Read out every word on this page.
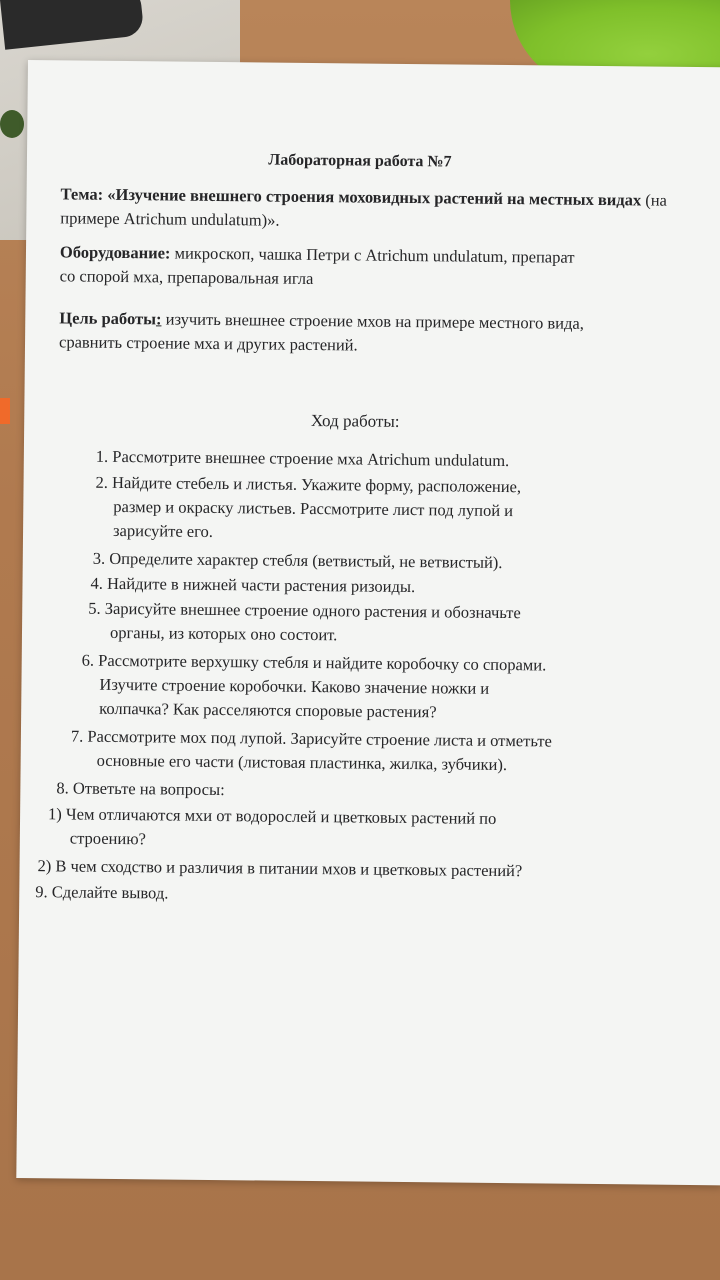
Лабораторная работа №7
Тема: «Изучение внешнего строения моховидных растений на местных видах (на примере Atrichum undulatum)».
Оборудование: микроскоп, чашка Петри с Atrichum undulatum, препарат
со спорой мха, препаровальная игла
Цель работы: изучить внешнее строение мхов на примере местного вида,
сравнить строение мха и других растений.
Ход работы:
1. Рассмотрите внешнее строение мха Atrichum undulatum.
2. Найдите стебель и листья. Укажите форму, расположение,
размер и окраску листьев. Рассмотрите лист под лупой и
зарисуйте его.
3. Определите характер стебля (ветвистый, не ветвистый).
4. Найдите в нижней части растения ризоиды.
5. Зарисуйте внешнее строение одного растения и обозначьте
органы, из которых оно состоит.
6. Рассмотрите верхушку стебля и найдите коробочку со спорами.
Изучите строение коробочки. Каково значение ножки и
колпачка? Как расселяются споровые растения?
7. Рассмотрите мох под лупой. Зарисуйте строение листа и отметьте
основные его части (листовая пластинка, жилка, зубчики).
8. Ответьте на вопросы:
1) Чем отличаются мхи от водорослей и цветковых растений по
строению?
2) В чем сходство и различия в питании мхов и цветковых растений?
9. Сделайте вывод.
